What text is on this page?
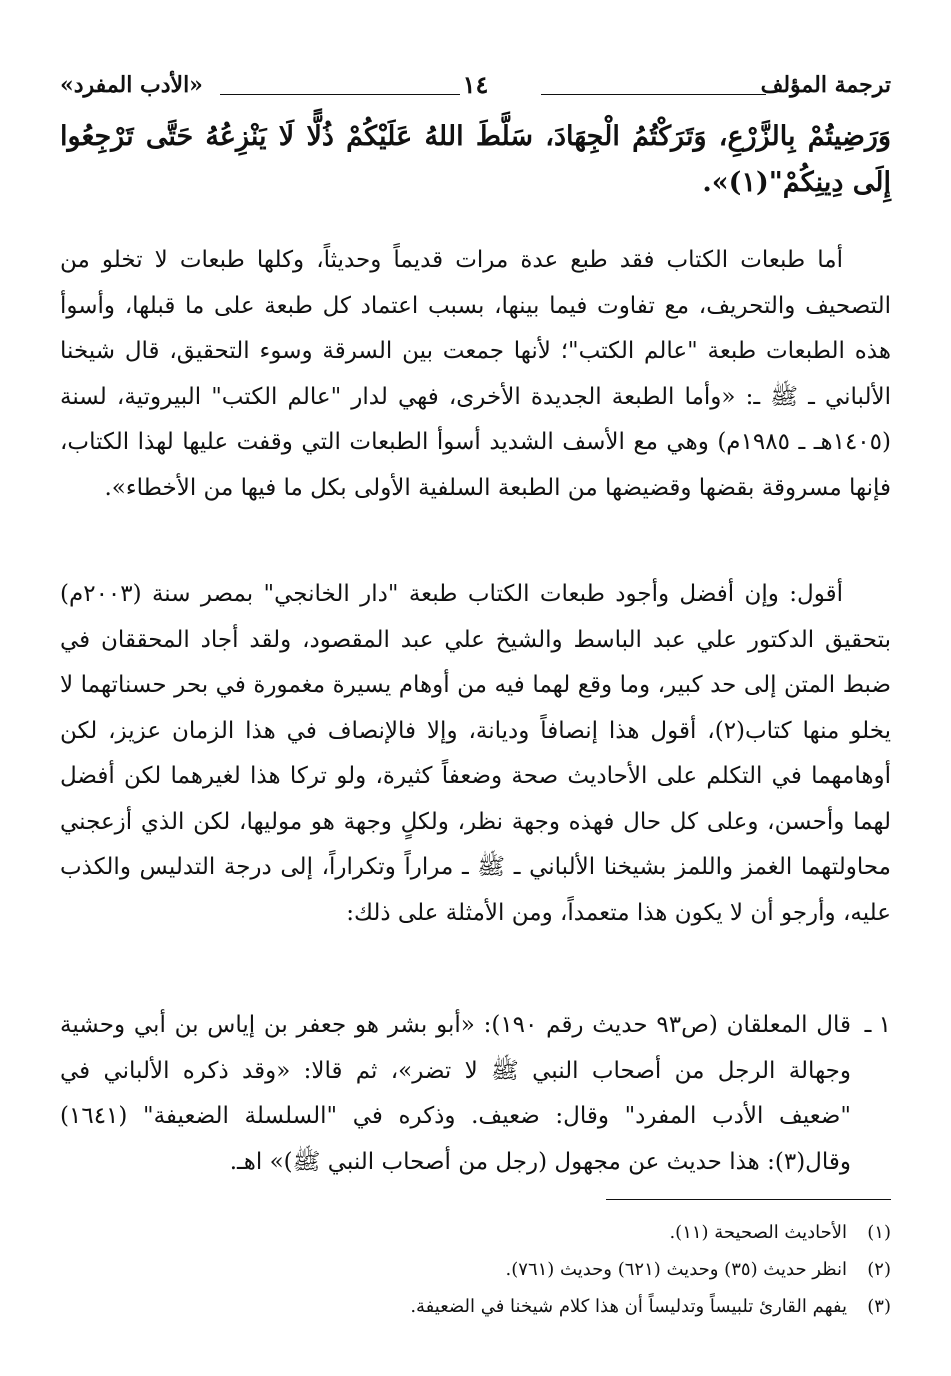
ترجمة المؤلف
١٤
«الأدب المفرد»
وَرَضِيتُمْ بِالزَّرْعِ، وَتَرَكْتُمُ الْجِهَادَ، سَلَّطَ اللهُ عَلَيْكُمْ ذُلًّا لَا يَنْزِعُهُ حَتَّى تَرْجِعُوا إِلَى دِينِكُمْ"(١)».

أما طبعات الكتاب فقد طبع عدة مرات قديماً وحديثاً، وكلها طبعات لا تخلو من التصحيف والتحريف، مع تفاوت فيما بينها، بسبب اعتماد كل طبعة على ما قبلها، وأسوأ هذه الطبعات طبعة "عالم الكتب"؛ لأنها جمعت بين السرقة وسوء التحقيق، قال شيخنا الألباني ـ ﷺ ـ: «وأما الطبعة الجديدة الأخرى، فهي لدار "عالم الكتب" البيروتية، لسنة (١٤٠٥هـ ـ ١٩٨٥م) وهي مع الأسف الشديد أسوأ الطبعات التي وقفت عليها لهذا الكتاب، فإنها مسروقة بقضها وقضيضها من الطبعة السلفية الأولى بكل ما فيها من الأخطاء».

أقول: وإن أفضل وأجود طبعات الكتاب طبعة "دار الخانجي" بمصر سنة (٢٠٠٣م) بتحقيق الدكتور علي عبد الباسط والشيخ علي عبد المقصود، ولقد أجاد المحققان في ضبط المتن إلى حد كبير، وما وقع لهما فيه من أوهام يسيرة مغمورة في بحر حسناتهما لا يخلو منها كتاب(٢)، أقول هذا إنصافاً وديانة، وإلا فالإنصاف في هذا الزمان عزيز، لكن أوهامهما في التكلم على الأحاديث صحة وضعفاً كثيرة، ولو تركا هذا لغيرهما لكن أفضل لهما وأحسن، وعلى كل حال فهذه وجهة نظر، ولكلٍ وجهة هو موليها، لكن الذي أزعجني محاولتهما الغمز واللمز بشيخنا الألباني ـ ﷺ ـ مراراً وتكراراً، إلى درجة التدليس والكذب عليه، وأرجو أن لا يكون هذا متعمداً، ومن الأمثلة على ذلك:

١ ـ
قال المعلقان (ص٩٣ حديث رقم ١٩٠): «أبو بشر هو جعفر بن إياس بن أبي وحشية وجهالة الرجل من أصحاب النبي ﷺ لا تضر»، ثم قالا: «وقد ذكره الألباني في "ضعيف الأدب المفرد" وقال: ضعيف. وذكره في "السلسلة الضعيفة" (١٦٤١) وقال(٣): هذا حديث عن مجهول (رجل من أصحاب النبي ﷺ)» اهـ.
(١)الأحاديث الصحيحة (١١).
(٢)انظر حديث (٣٥) وحديث (٦٢١) وحديث (٧٦١).
(٣)يفهم القارئ تلبيساً وتدليساً أن هذا كلام شيخنا في الضعيفة.
